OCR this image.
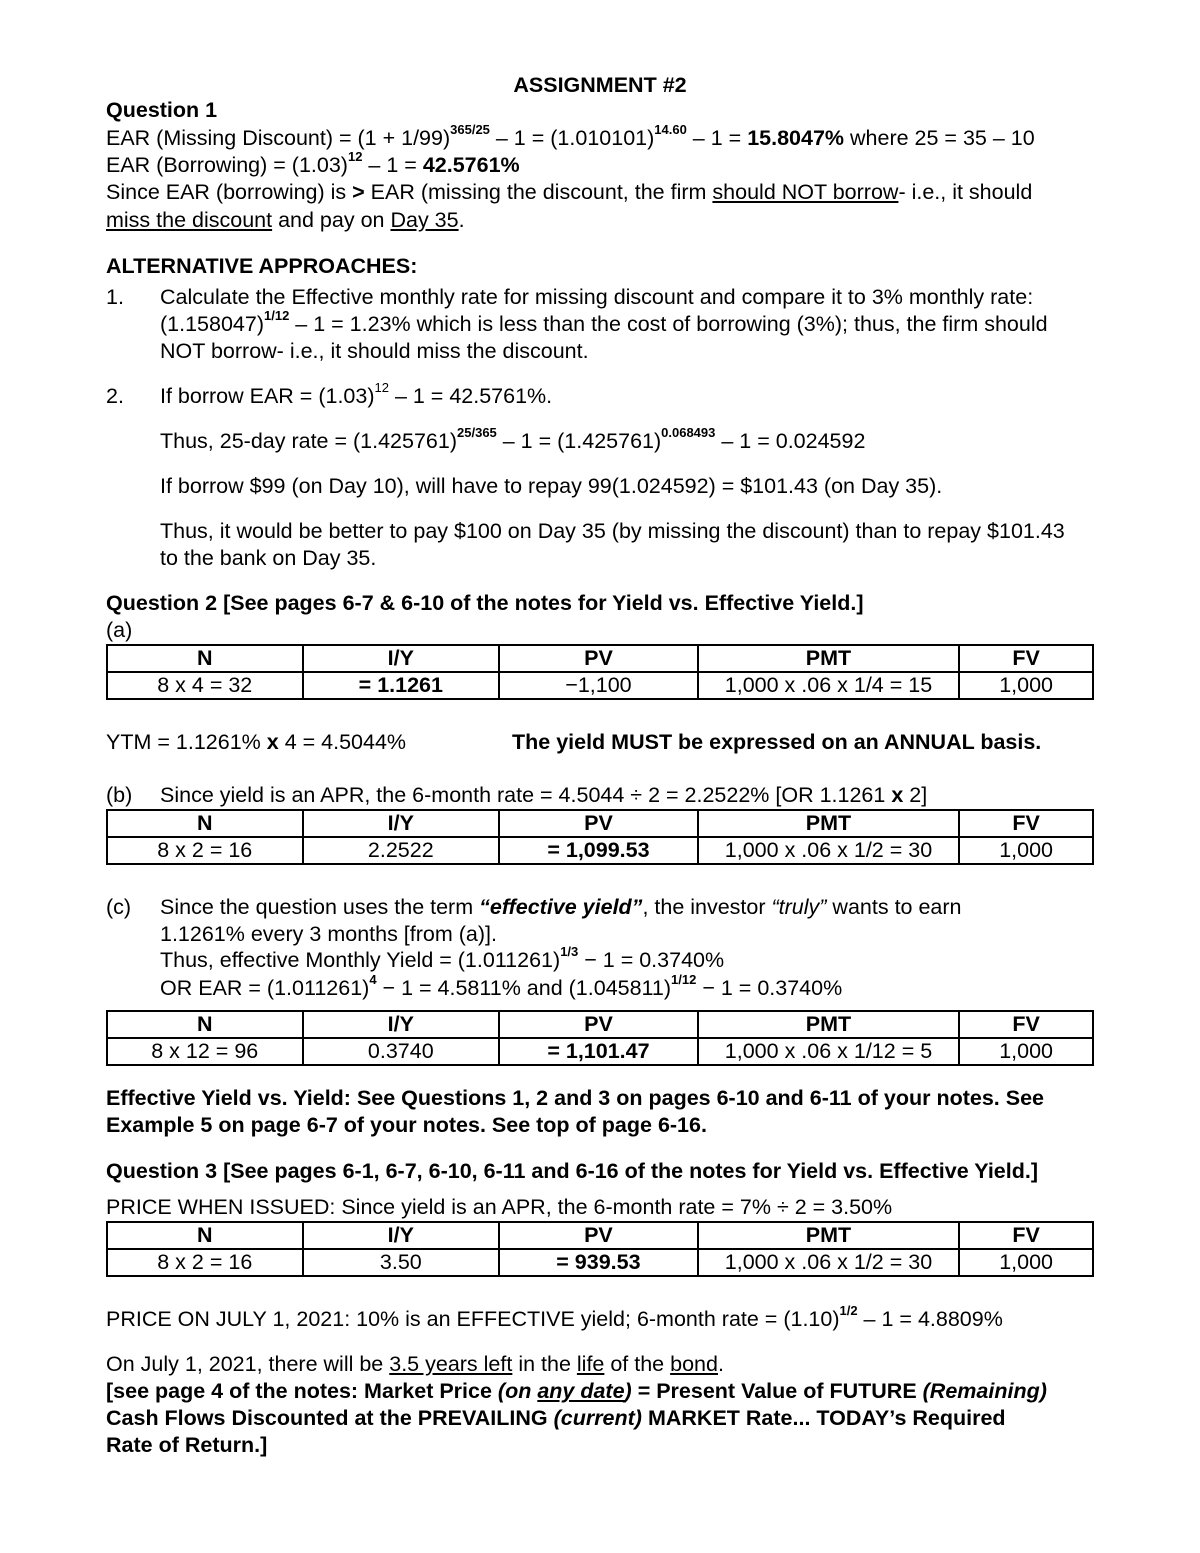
ASSIGNMENT #2
Question 1
EAR (Missing Discount) = $(1 + 1/99)^{365/25} - 1 = (1.010101)^{14.60} - 1 = 15.8047\%$ where 25 = 35 – 10
EAR (Borrowing) = $(1.03)^{12} - 1 = 42.5761\%$
Since EAR (borrowing) is > EAR (missing the discount, the firm should NOT borrow- i.e., it should
miss the discount and pay on Day 35.
ALTERNATIVE APPROACHES:
1. Calculate the Effective monthly rate for missing discount and compare it to 3% monthly rate:
$(1.158047)^{1/12} - 1 = 1.23\%$ which is less than the cost of borrowing (3%); thus, the firm should
NOT borrow- i.e., it should miss the discount.
2. If borrow EAR = $(1.03)^{12} - 1 = 42.5761\%$.
Thus, 25-day rate = $(1.425761)^{25/365} - 1 = (1.425761)^{0.068493} - 1 = 0.024592$
If borrow $99 (on Day 10), will have to repay 99(1.024592) = $101.43 (on Day 35).
Thus, it would be better to pay $100 on Day 35 (by missing the discount) than to repay $101.43
to the bank on Day 35.
Question 2 [See pages 6-7 & 6-10 of the notes for Yield vs. Effective Yield.]
(a)
N	I/Y	PV	PMT	FV
8 x 4 = 32	= 1.1261	−1,100	1,000 x .06 x 1/4 = 15	1,000
YTM = 1.1261% x 4 = 4.5044%	The yield MUST be expressed on an ANNUAL basis.
(b) Since yield is an APR, the 6-month rate = 4.5044 ÷ 2 = 2.2522% [OR 1.1261 x 2]
N	I/Y	PV	PMT	FV
8 x 2 = 16	2.2522	= 1,099.53	1,000 x .06 x 1/2 = 30	1,000
(c) Since the question uses the term “effective yield”, the investor “truly” wants to earn
1.1261% every 3 months [from (a)].
Thus, effective Monthly Yield = $(1.011261)^{1/3} - 1 = 0.3740\%$
OR EAR = $(1.011261)^4 - 1 = 4.5811\%$ and $(1.045811)^{1/12} - 1 = 0.3740\%$
N	I/Y	PV	PMT	FV
8 x 12 = 96	0.3740	= 1,101.47	1,000 x .06 x 1/12 = 5	1,000
Effective Yield vs. Yield: See Questions 1, 2 and 3 on pages 6-10 and 6-11 of your notes. See
Example 5 on page 6-7 of your notes. See top of page 6-16.
Question 3 [See pages 6-1, 6-7, 6-10, 6-11 and 6-16 of the notes for Yield vs. Effective Yield.]
PRICE WHEN ISSUED: Since yield is an APR, the 6-month rate = 7% ÷ 2 = 3.50%
N	I/Y	PV	PMT	FV
8 x 2 = 16	3.50	= 939.53	1,000 x .06 x 1/2 = 30	1,000
PRICE ON JULY 1, 2021: 10% is an EFFECTIVE yield; 6-month rate = $(1.10)^{1/2} - 1 = 4.8809\%$
On July 1, 2021, there will be 3.5 years left in the life of the bond.
[see page 4 of the notes: Market Price (on any date) = Present Value of FUTURE (Remaining)
Cash Flows Discounted at the PREVAILING (current) MARKET Rate... TODAY’s Required
Rate of Return.]
